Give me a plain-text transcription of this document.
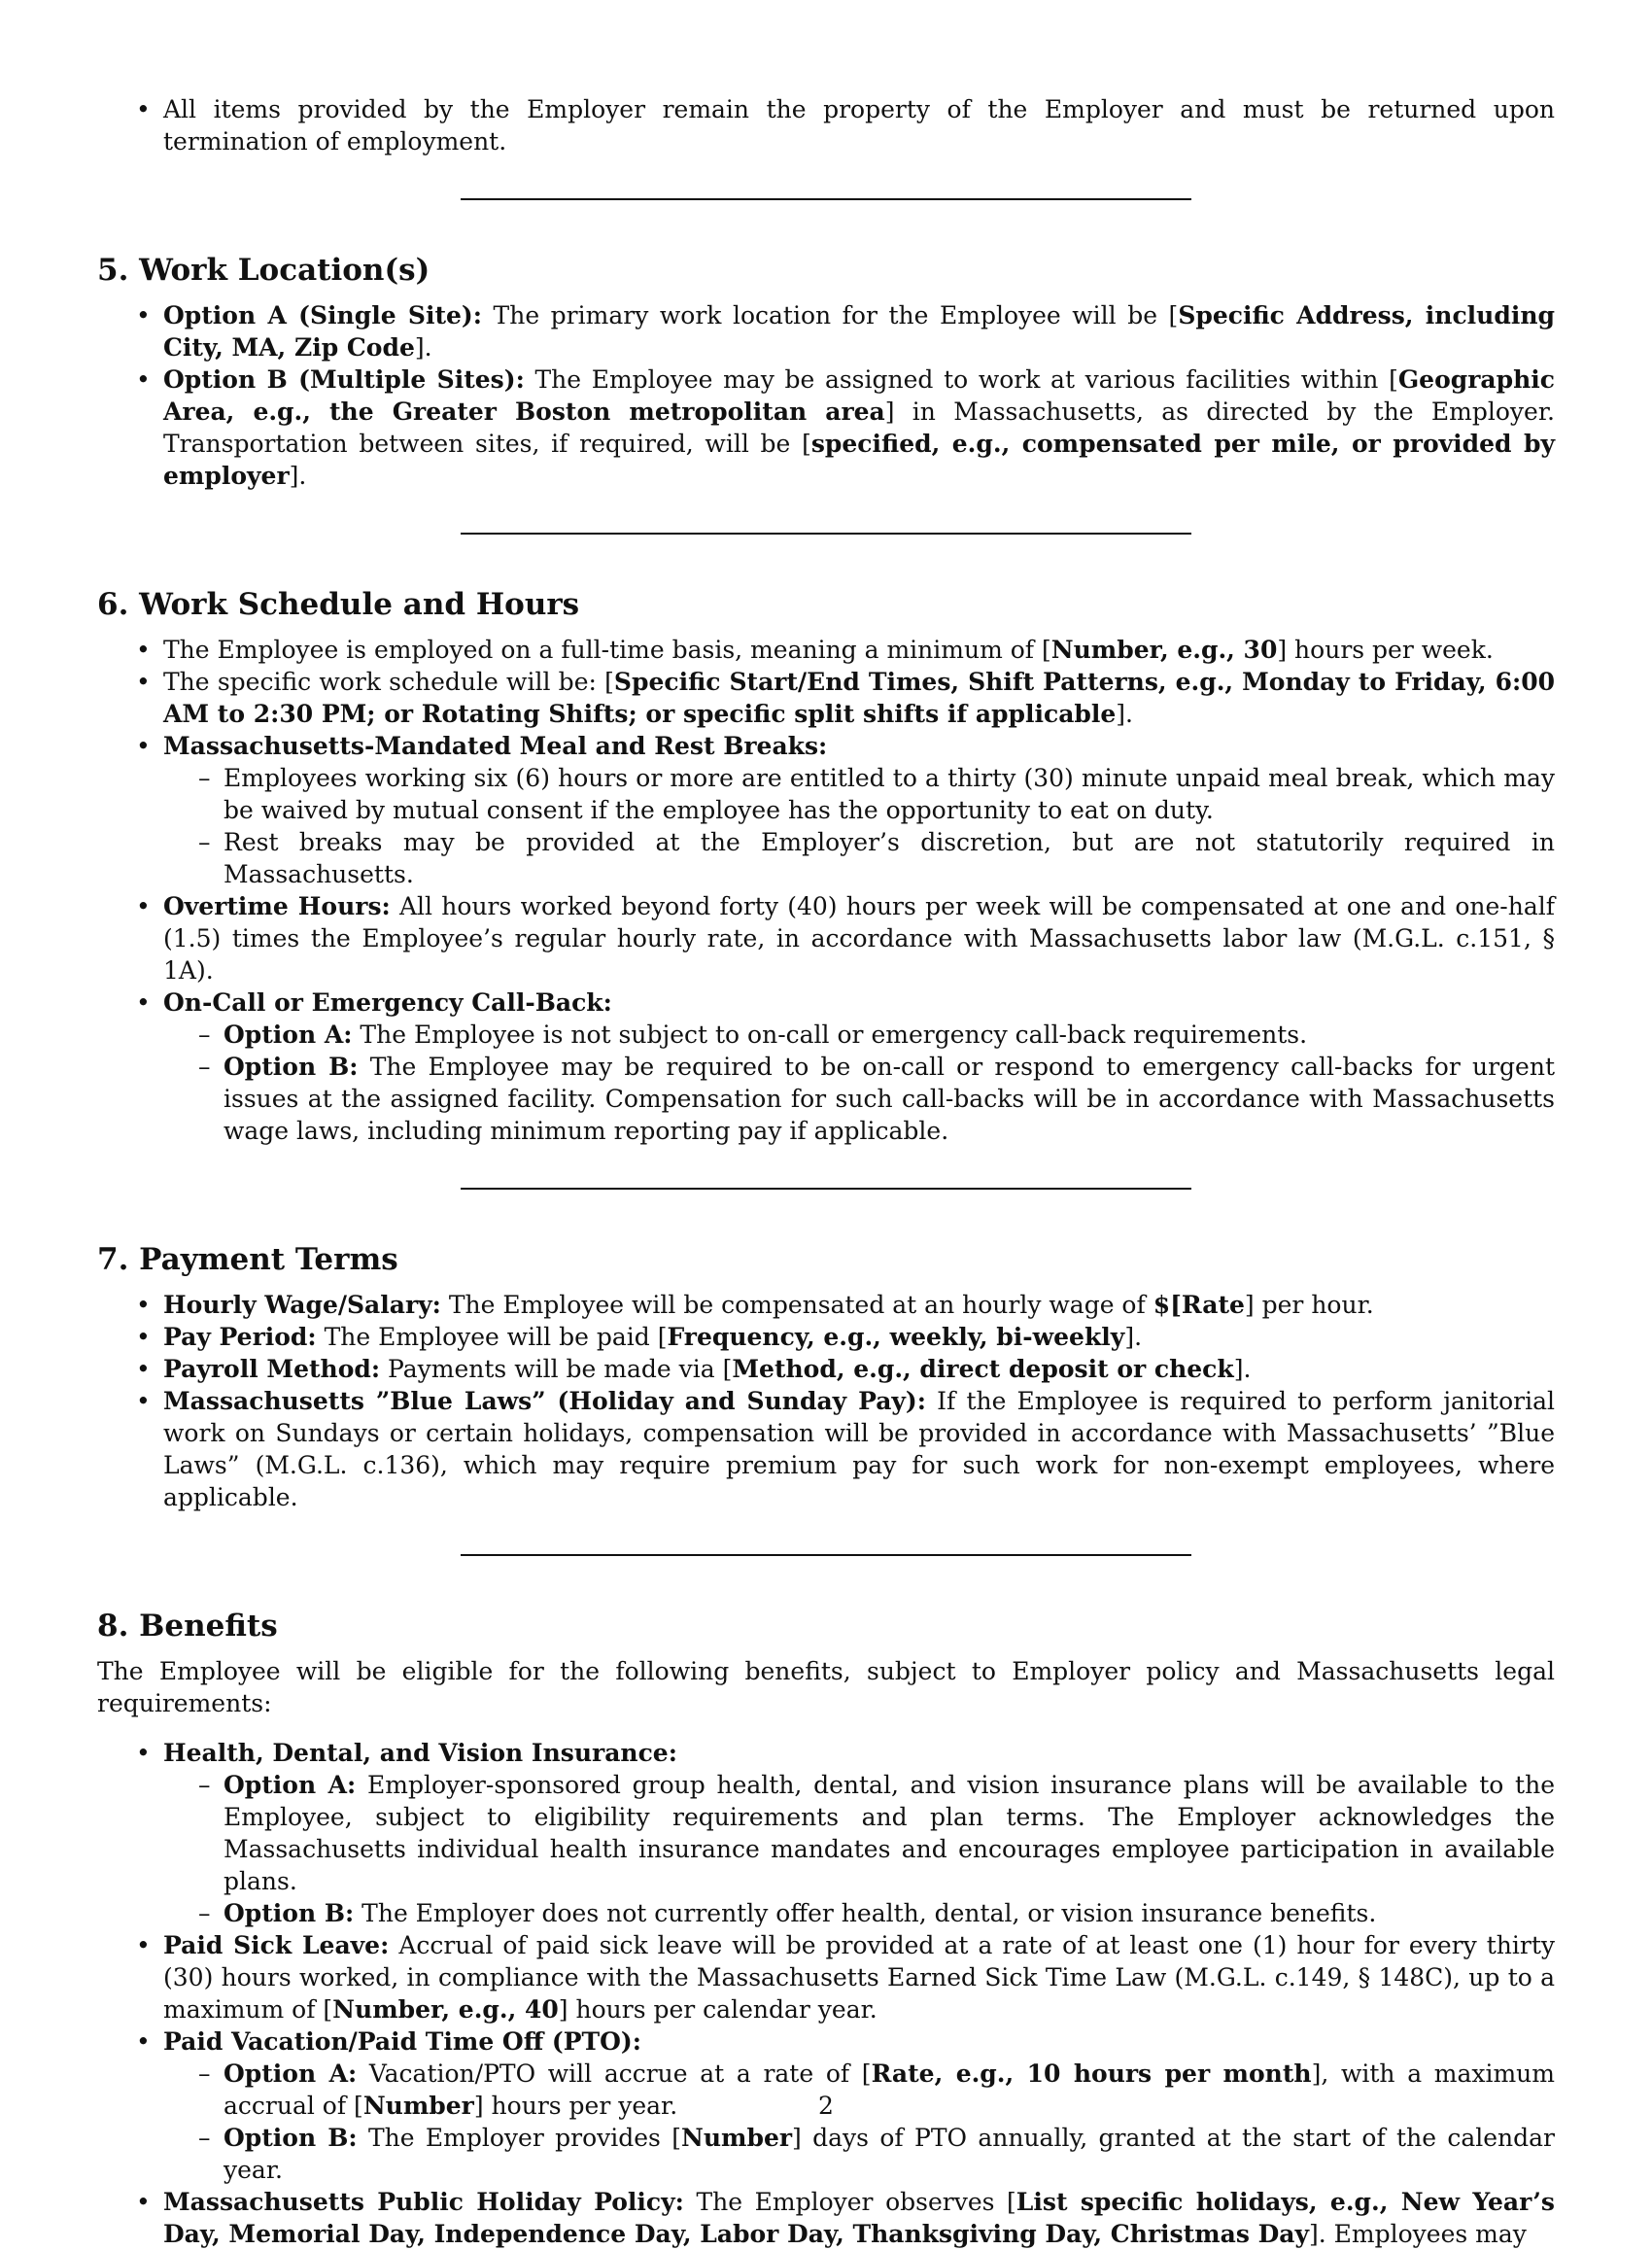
• All items provided by the Employer remain the property of the Employer and must be returned upon termination of employment.
5. Work Location(s)
• Option A (Single Site): The primary work location for the Employee will be [Specific Address, including City, MA, Zip Code].
• Option B (Multiple Sites): The Employee may be assigned to work at various facilities within [Geographic Area, e.g., the Greater Boston metropolitan area] in Massachusetts, as directed by the Employer. Transportation between sites, if required, will be [specified, e.g., compensated per mile, or provided by employer].
6. Work Schedule and Hours
• The Employee is employed on a full-time basis, meaning a minimum of [Number, e.g., 30] hours per week.
• The specific work schedule will be: [Specific Start/End Times, Shift Patterns, e.g., Monday to Friday, 6:00 AM to 2:30 PM; or Rotating Shifts; or specific split shifts if applicable].
• Massachusetts-Mandated Meal and Rest Breaks:
– Employees working six (6) hours or more are entitled to a thirty (30) minute unpaid meal break, which may be waived by mutual consent if the employee has the opportunity to eat on duty.
– Rest breaks may be provided at the Employer’s discretion, but are not statutorily required in Massachusetts.
• Overtime Hours: All hours worked beyond forty (40) hours per week will be compensated at one and one-half (1.5) times the Employee’s regular hourly rate, in accordance with Massachusetts labor law (M.G.L. c.151, § 1A).
• On-Call or Emergency Call-Back:
– Option A: The Employee is not subject to on-call or emergency call-back requirements.
– Option B: The Employee may be required to be on-call or respond to emergency call-backs for urgent issues at the assigned facility. Compensation for such call-backs will be in accordance with Massachusetts wage laws, including minimum reporting pay if applicable.
7. Payment Terms
• Hourly Wage/Salary: The Employee will be compensated at an hourly wage of $[Rate] per hour.
• Pay Period: The Employee will be paid [Frequency, e.g., weekly, bi-weekly].
• Payroll Method: Payments will be made via [Method, e.g., direct deposit or check].
• Massachusetts ”Blue Laws” (Holiday and Sunday Pay): If the Employee is required to perform janitorial work on Sundays or certain holidays, compensation will be provided in accordance with Massachusetts’ ”Blue Laws” (M.G.L. c.136), which may require premium pay for such work for non-exempt employees, where applicable.
8. Benefits

The Employee will be eligible for the following benefits, subject to Employer policy and Massachusetts legal requirements:

• Health, Dental, and Vision Insurance:
– Option A: Employer-sponsored group health, dental, and vision insurance plans will be available to the Employee, subject to eligibility requirements and plan terms. The Employer acknowledges the Massachusetts individual health insurance mandates and encourages employee participation in available plans.
– Option B: The Employer does not currently offer health, dental, or vision insurance benefits.
• Paid Sick Leave: Accrual of paid sick leave will be provided at a rate of at least one (1) hour for every thirty (30) hours worked, in compliance with the Massachusetts Earned Sick Time Law (M.G.L. c.149, § 148C), up to a maximum of [Number, e.g., 40] hours per calendar year.
• Paid Vacation/Paid Time Off (PTO):
– Option A: Vacation/PTO will accrue at a rate of [Rate, e.g., 10 hours per month], with a maximum accrual of [Number] hours per year.
– Option B: The Employer provides [Number] days of PTO annually, granted at the start of the calendar year.
• Massachusetts Public Holiday Policy: The Employer observes [List specific holidays, e.g., New Year’s Day, Memorial Day, Independence Day, Labor Day, Thanksgiving Day, Christmas Day]. Employees may
2
